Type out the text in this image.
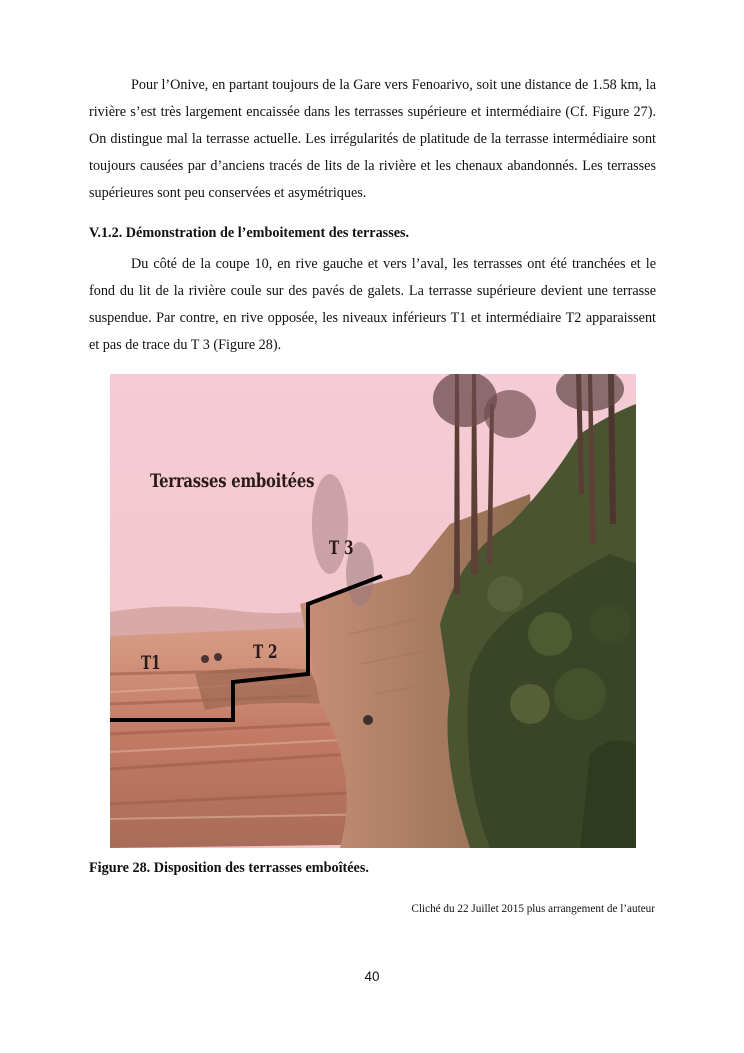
Pour l’Onive, en partant toujours de la Gare vers Fenoarivo, soit une distance de 1.58 km, la rivière s’est très largement encaissée dans les terrasses supérieure et intermédiaire (Cf. Figure 27). On distingue mal la terrasse actuelle. Les irrégularités de platitude de la terrasse intermédiaire sont toujours causées par d’anciens tracés de lits de la rivière et les chenaux abandonnés. Les terrasses supérieures sont peu conservées et asymétriques.

V.1.2. Démonstration de l’emboitement des terrasses.

Du côté de la coupe 10, en rive gauche et vers l’aval, les terrasses ont été tranchées et le fond du lit de la rivière coule sur des pavés de galets. La terrasse supérieure devient une terrasse suspendue. Par contre, en rive opposée, les niveaux inférieurs T1 et intermédiaire T2 apparaissent et pas de trace du T 3 (Figure 28).

Terrasses emboitées

T1	T 2

T 3

Figure 28. Disposition des terrasses emboîtées.

Cliché du 22 Juillet 2015 plus arrangement de l’auteur

40
